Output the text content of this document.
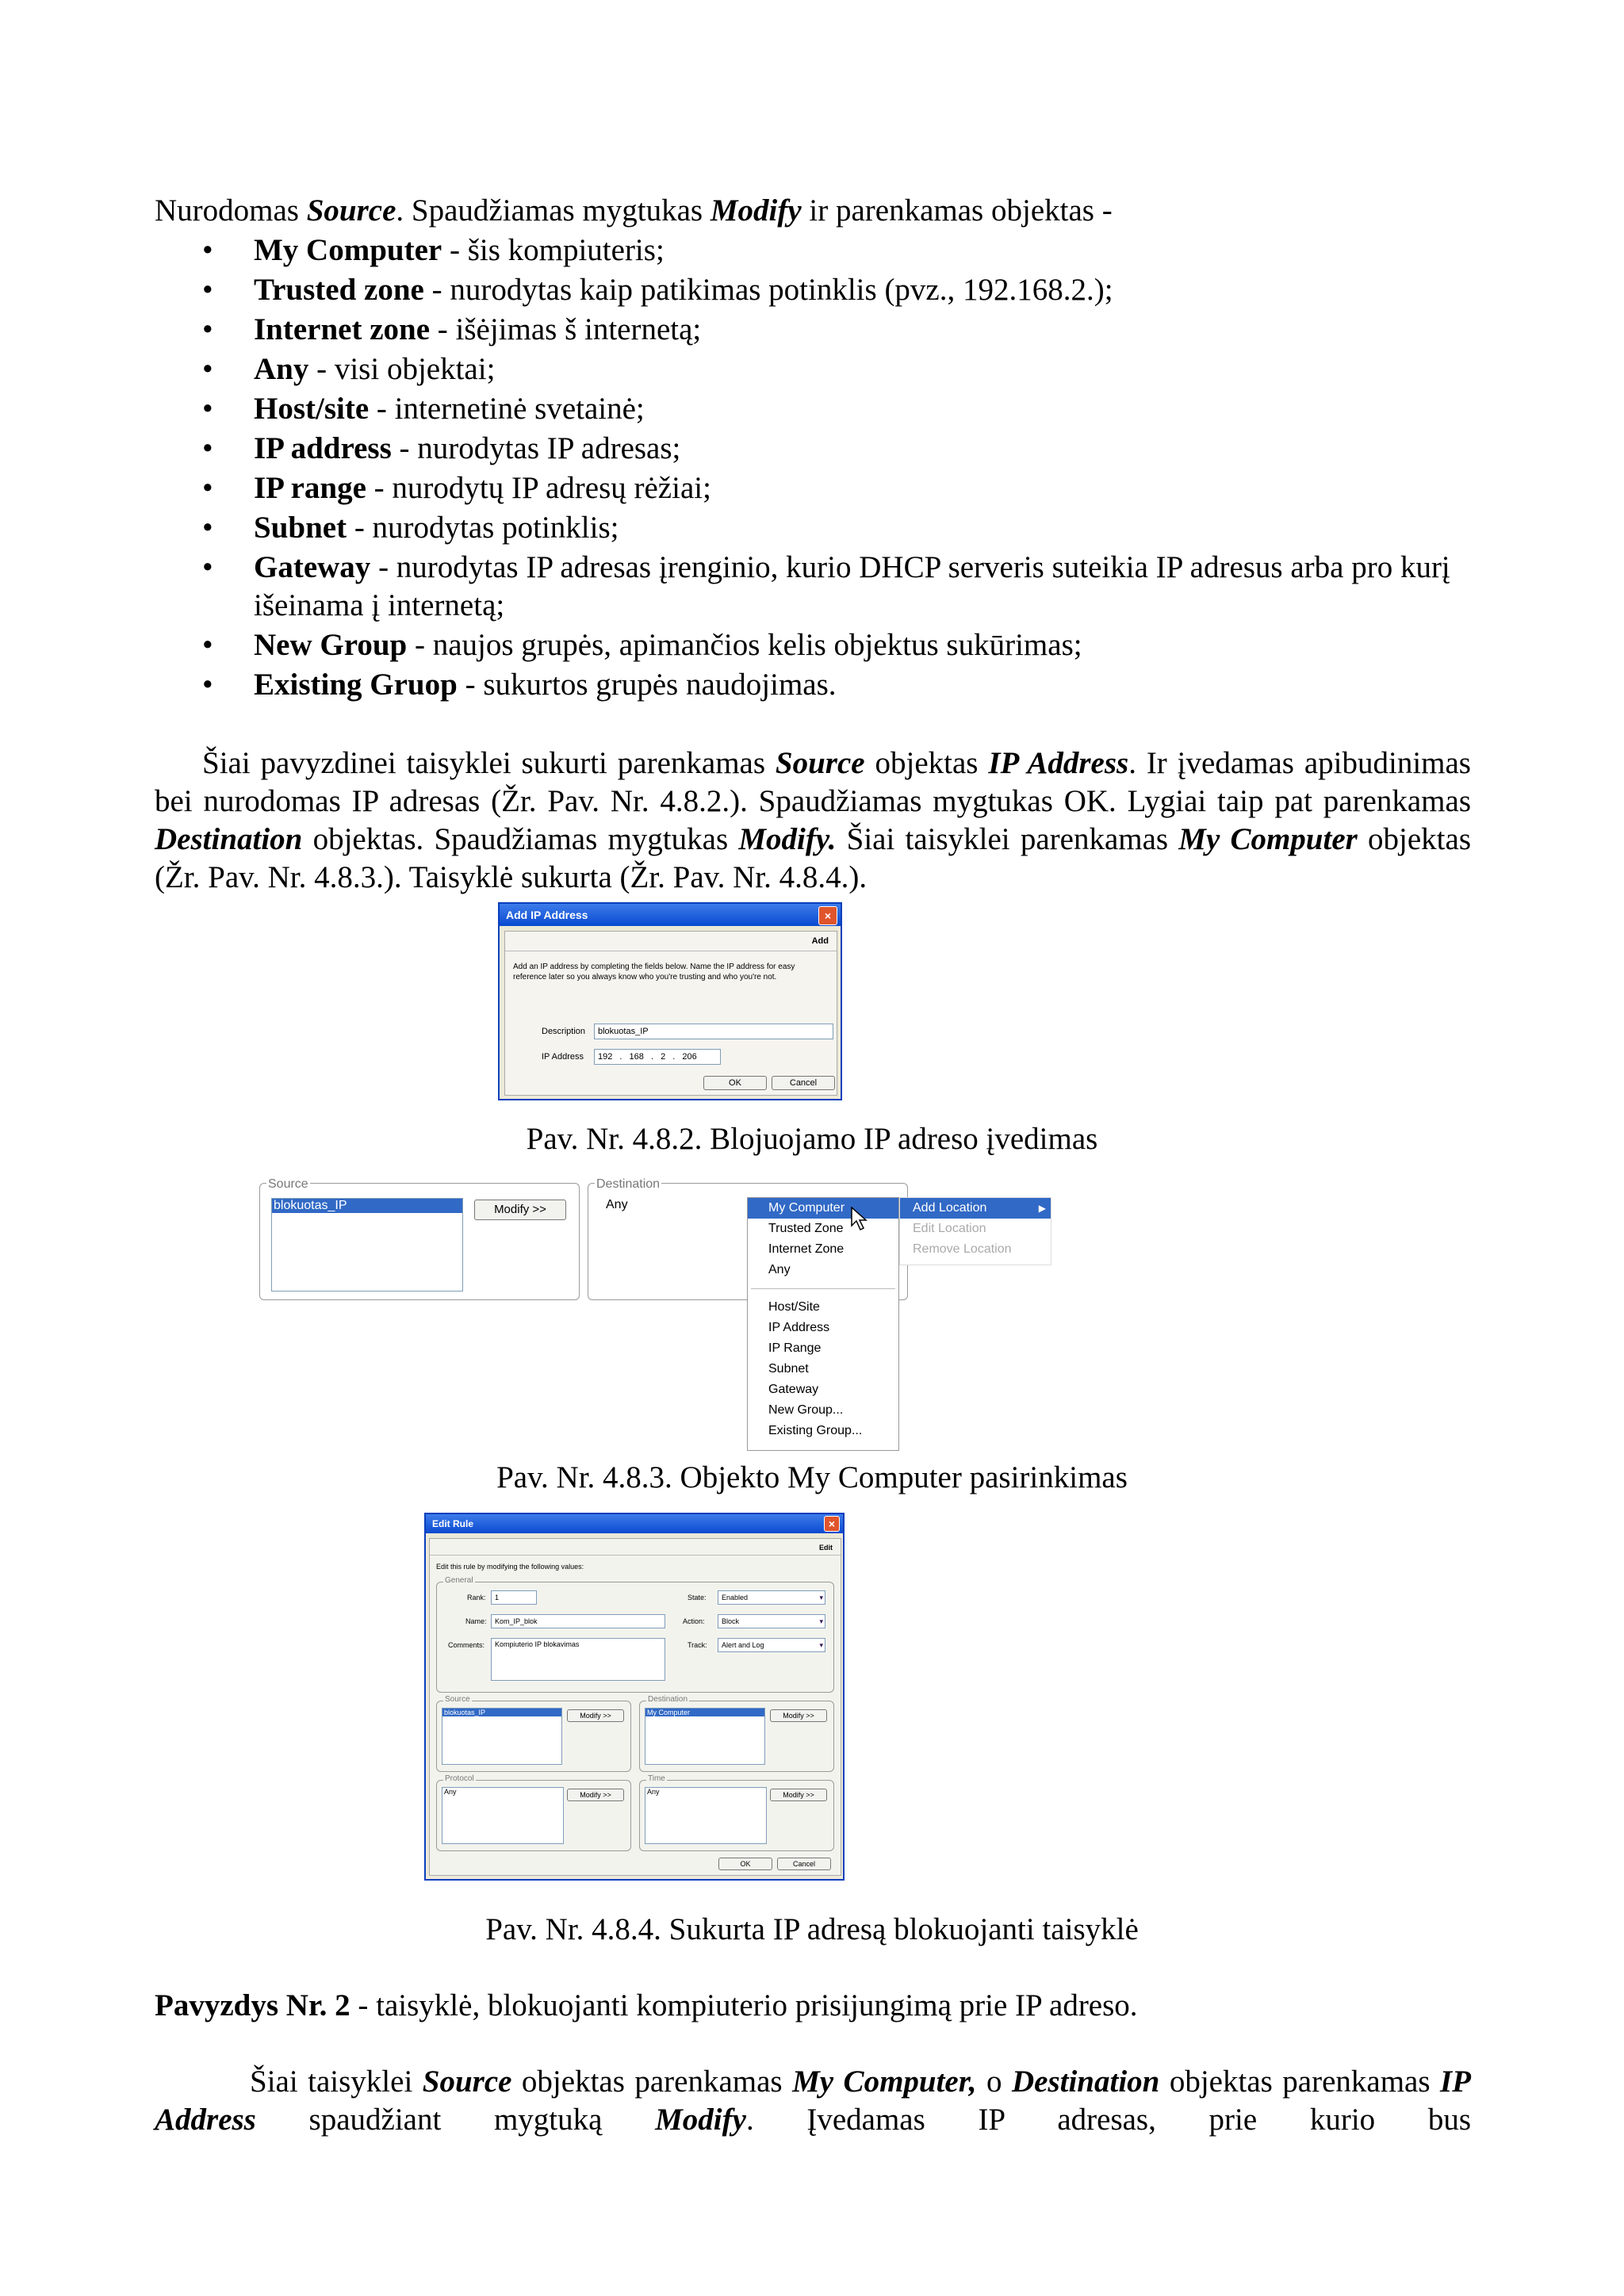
Nurodomas Source. Spaudžiamas mygtukas Modify ir parenkamas objektas -
• My Computer - šis kompiuteris;
• Trusted zone - nurodytas kaip patikimas potinklis (pvz., 192.168.2.);
• Internet zone - išėjimas š internetą;
• Any - visi objektai;
• Host/site - internetinė svetainė;
• IP address - nurodytas IP adresas;
• IP range - nurodytų IP adresų rėžiai;
• Subnet - nurodytas potinklis;
• Gateway - nurodytas IP adresas įrenginio, kurio DHCP serveris suteikia IP adresus arba pro kurį išeinama į internetą;
• New Group - naujos grupės, apimančios kelis objektus sukūrimas;
• Existing Gruop - sukurtos grupės naudojimas.
Šiai pavyzdinei taisyklei sukurti parenkamas Source objektas IP Address. Ir įvedamas apibudinimas bei nurodomas IP adresas (Žr. Pav. Nr. 4.8.2.). Spaudžiamas mygtukas OK. Lygiai taip pat parenkamas Destination objektas. Spaudžiamas mygtukas Modify. Šiai taisyklei parenkamas My Computer objektas (Žr. Pav. Nr. 4.8.3.). Taisyklė sukurta (Žr. Pav. Nr. 4.8.4.).
Add IP Address	×
Add
Add an IP address by completing the fields below. Name the IP address for easy reference later so you always know who you're trusting and who you're not.
Description	blokuotas_IP
IP Address	192 . 168 . 2 . 206
OK	Cancel
Pav. Nr. 4.8.2. Blojuojamo IP adreso įvedimas
Source
blokuotas_IP	Modify >>
Destination
Any	My Computer
Trusted Zone
Internet Zone
Any
Host/Site
IP Address
IP Range
Subnet
Gateway
New Group...
Existing Group...
Add Location	▶
Edit Location
Remove Location
Pav. Nr. 4.8.3. Objekto My Computer pasirinkimas
Edit Rule	×
Edit
Edit this rule by modifying the following values:
General
Rank:	1
Name:	Kom_IP_blok
Comments:	Kompiuterio IP blokavimas
State:	Enabled	▾
Action:	Block	▾
Track:	Alert and Log	▾
Source
blokuotas_IP	Modify >>
Destination
My Computer	Modify >>
Protocol
Any	Modify >>
Time
Any	Modify >>
OK	Cancel
Pav. Nr. 4.8.4. Sukurta IP adresą blokuojanti taisyklė
Pavyzdys Nr. 2 - taisyklė, blokuojanti kompiuterio prisijungimą prie IP adreso.
Šiai taisyklei Source objektas parenkamas My Computer, o Destination objektas parenkamas IP Address spaudžiant mygtuką Modify. Įvedamas IP adresas, prie kurio bus
